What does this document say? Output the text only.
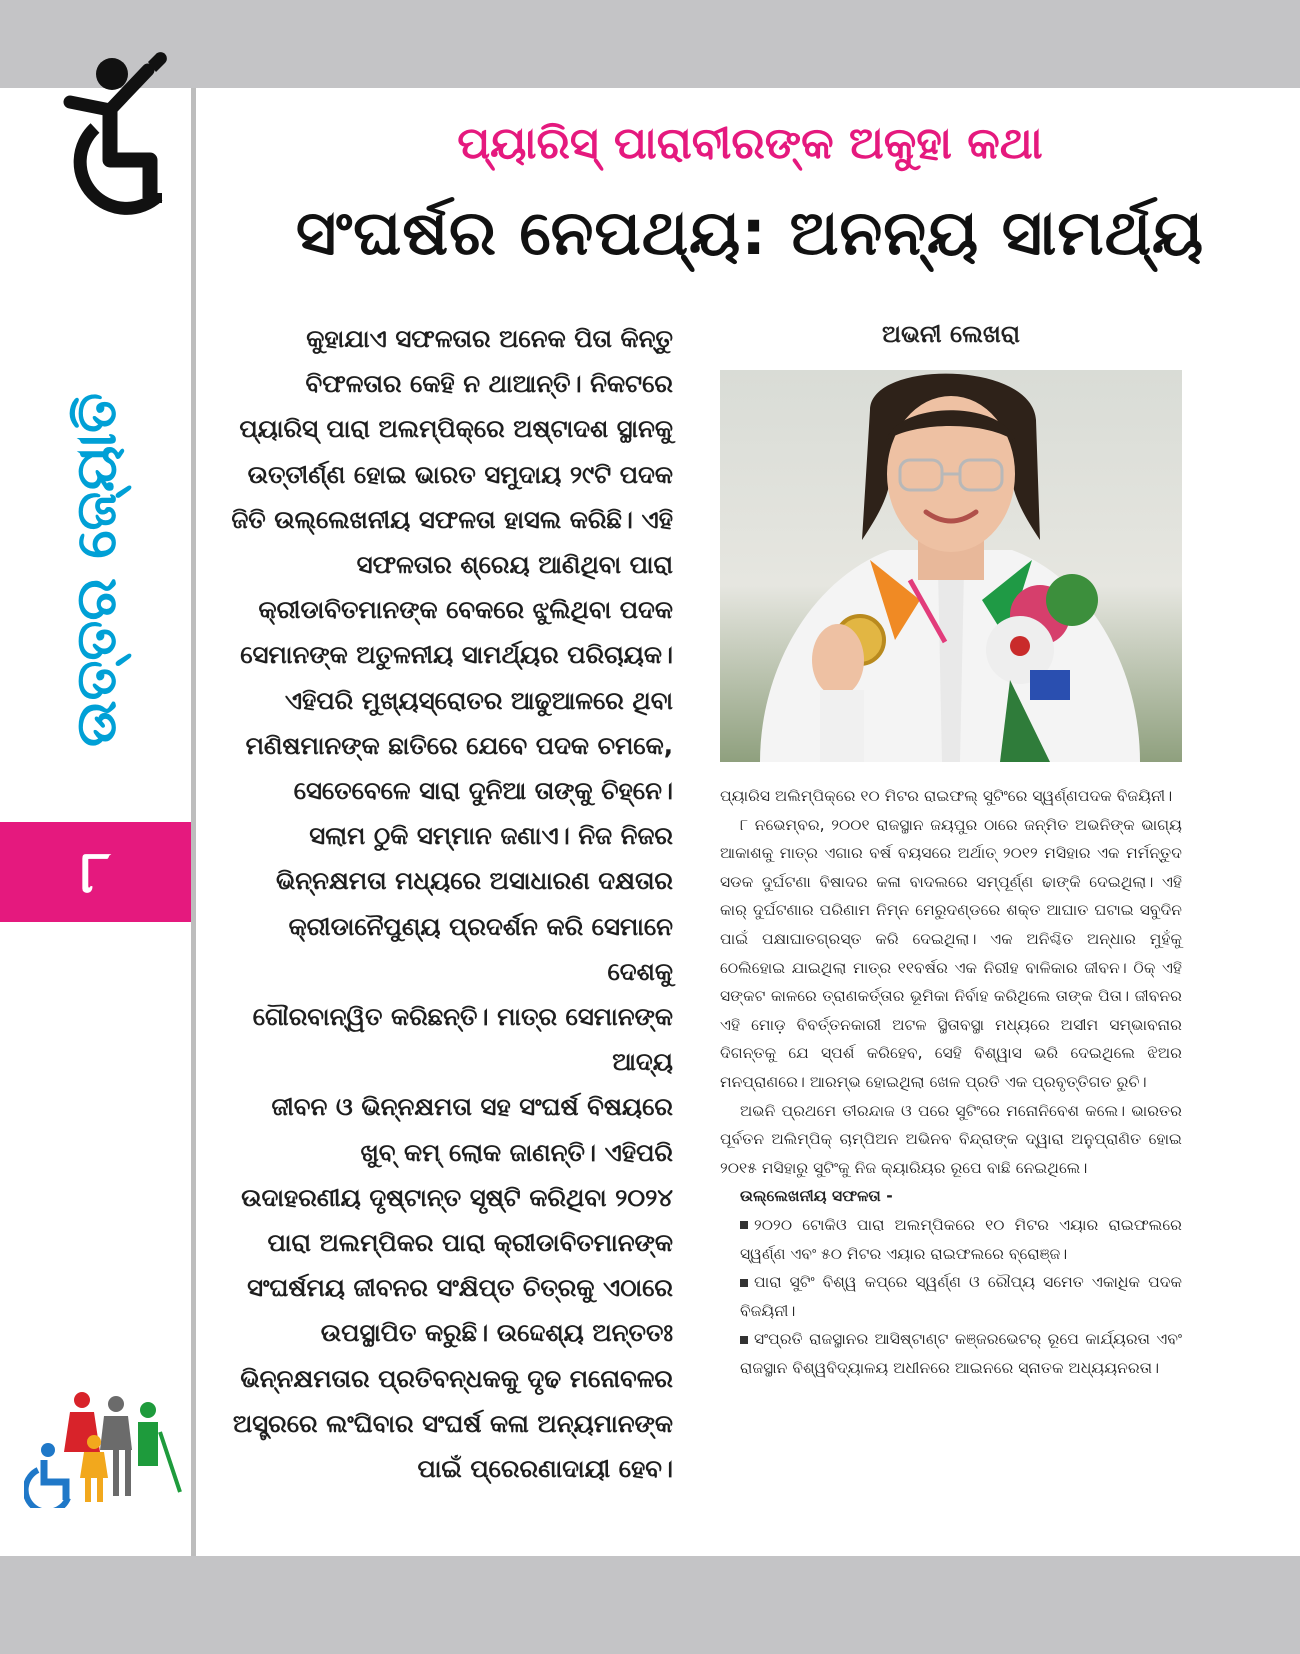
ଉତ୍ତର ଜ୍ୟୋତି
୮
ପ୍ୟାରିସ୍ ପାରାବୀରଙ୍କ ଅକୁହା କଥା
ସଂଘର୍ଷର ନେପଥ୍ୟ: ଅନନ୍ୟ ସାମର୍ଥ୍ୟ

କୁହାଯାଏ ସଫଳତାର ଅନେକ ପିତା କିନ୍ତୁ

ବିଫଳତାର କେହି ନ ଥାଆନ୍ତି। ନିକଟରେ

ପ୍ୟାରିସ୍ ପାରା ଅଲମ୍ପିକ୍‌ରେ ଅଷ୍ଟାଦଶ ସ୍ଥାନକୁ

ଉତ୍ତୀର୍ଣ୍ଣ ହୋଇ ଭାରତ ସମୁଦାୟ ୨୯ଟି ପଦକ

ଜିତି ଉଲ୍ଲେଖନୀୟ ସଫଳତା ହାସଲ କରିଛି। ଏହି

ସଫଳତାର ଶ୍ରେୟ ଆଣିଥିବା ପାରା

କ୍ରୀଡାବିତମାନଙ୍କ ବେକରେ ଝୁଲିଥିବା ପଦକ

ସେମାନଙ୍କ ଅତୁଳନୀୟ ସାମର୍ଥ୍ୟର ପରିଚାୟକ।

ଏହିପରି ମୁଖ୍ୟସ୍ରୋତର ଆଢୁଆଳରେ ଥିବା

ମଣିଷମାନଙ୍କ ଛାତିରେ ଯେବେ ପଦକ ଚମକେ,

ସେତେବେଳେ ସାରା ଦୁନିଆ ତାଙ୍କୁ ଚିହ୍ନେ।

ସଲାମ ଠୁକି ସମ୍ମାନ ଜଣାଏ। ନିଜ ନିଜର

ଭିନ୍ନକ୍ଷମତା ମଧ୍ୟରେ ଅସାଧାରଣ ଦକ୍ଷତାର

କ୍ରୀଡାନୈପୁଣ୍ୟ ପ୍ରଦର୍ଶନ କରି ସେମାନେ ଦେଶକୁ

ଗୌରବାନ୍ୱିତ କରିଛନ୍ତି। ମାତ୍ର ସେମାନଙ୍କ ଆଦ୍ୟ

ଜୀବନ ଓ ଭିନ୍ନକ୍ଷମତା ସହ ସଂଘର୍ଷ ବିଷୟରେ

ଖୁବ୍ କମ୍ ଲୋକ ଜାଣନ୍ତି। ଏହିପରି

ଉଦାହରଣୀୟ ଦୃଷ୍ଟାନ୍ତ ସୃଷ୍ଟି କରିଥିବା ୨୦୨୪

ପାରା ଅଲମ୍ପିକର ପାରା କ୍ରୀଡାବିତମାନଙ୍କ

ସଂଘର୍ଷମୟ ଜୀବନର ସଂକ୍ଷିପ୍ତ ଚିତ୍ରକୁ ଏଠାରେ

ଉପସ୍ଥାପିତ କରୁଛି। ଉଦ୍ଦେଶ୍ୟ ଅନ୍ତତଃ

ଭିନ୍ନକ୍ଷମତାର ପ୍ରତିବନ୍ଧକକୁ ଦୃଢ ମନୋବଳର

ଅସ୍ତ୍ରରେ ଲଂଘିବାର ସଂଘର୍ଷ କଳା ଅନ୍ୟମାନଙ୍କ

ପାଇଁ ପ୍ରେରଣାଦାୟୀ ହେବ।

ଅଭନୀ ଲେଖରା

ପ୍ୟାରିସ ଅଲିମ୍ପିକ୍‌ରେ ୧୦ ମିଟର ରାଇଫଲ୍ ସୁଟିଂରେ ସ୍ୱର୍ଣ୍ଣପଦକ ବିଜୟିନୀ।

୮ ନଭେମ୍ବର, ୨୦୦୧ ରାଜସ୍ଥାନ ଜୟପୁର ଠାରେ ଜନ୍ମିତ ଅଭନିଙ୍କ ଭାଗ୍ୟ ଆକାଶକୁ ମାତ୍ର ଏଗାର ବର୍ଷ ବୟସରେ ଅର୍ଥାତ୍ ୨୦୧୨ ମସିହାର ଏକ ମର୍ମନ୍ତୁଦ ସଡକ ଦୁର୍ଘଟଣା ବିଷାଦର କଳା ବାଦଲରେ ସମ୍ପୂର୍ଣ୍ଣ ଢାଙ୍କି ଦେଇଥିଲା। ଏହି କାର୍ ଦୁର୍ଘଟଣାର ପରିଣାମ ନିମ୍ନ ମେରୁଦଣ୍ଡରେ ଶକ୍ତ ଆଘାତ ଘଟାଇ ସବୁଦିନ ପାଇଁ ପକ୍ଷାଘାତଗ୍ରସ୍ତ କରି ଦେଇଥିଲା। ଏକ ଅନିଶ୍ଚିତ ଅନ୍ଧାର ମୁହଁକୁ ଠେଲିହୋଇ ଯାଇଥିଲା ମାତ୍ର ୧୧ବର୍ଷର ଏକ ନିରୀହ ବାଳିକାର ଜୀବନ। ଠିକ୍ ଏହି ସଙ୍କଟ କାଳରେ ତ୍ରାଣକର୍ତ୍ତାର ଭୂମିକା ନିର୍ବାହ କରିଥିଲେ ତାଙ୍କ ପିତା। ଜୀବନର ଏହି ମୋଡ଼ ବିବର୍ତ୍ତନକାରୀ ଅଟଳ ସ୍ଥିତାବସ୍ଥା ମଧ୍ୟରେ ଅସୀମ ସମ୍ଭାବନାର ଦିଗନ୍ତକୁ ଯେ ସ୍ପର୍ଶ କରିହେବ, ସେହି ବିଶ୍ୱାସ ଭରି ଦେଇଥିଲେ ଝିଅର ମନପ୍ରାଣରେ। ଆରମ୍ଭ ହୋଇଥିଲା ଖେଳ ପ୍ରତି ଏକ ପ୍ରବୃତ୍ତିଗତ ରୁଚି।

ଅଭନି ପ୍ରଥମେ ତୀରନ୍ଦାଜ ଓ ପରେ ସୁଟିଂରେ ମନୋନିବେଶ କଲେ। ଭାରତର ପୂର୍ବତନ ଅଲିମ୍ପିକ୍ ଚାମ୍ପିଅନ ଅଭିନବ ବିନ୍ଦ୍ରାଙ୍କ ଦ୍ୱାରା ଅନୁପ୍ରାଣିତ ହୋଇ ୨୦୧୫ ମସିହାରୁ ସୁଟିଂକୁ ନିଜ କ୍ୟାରିୟର ରୂପେ ବାଛି ନେଇଥିଲେ।

ଉଲ୍ଲେଖନୀୟ ସଫଳତା -

୨୦୨୦ ଟୋକିଓ ପାରା ଅଲମ୍ପିକରେ ୧୦ ମିଟର ଏୟାର ରାଇଫଲରେ ସ୍ୱର୍ଣ୍ଣ ଏବଂ ୫୦ ମିଟର ଏୟାର ରାଇଫଲରେ ବ୍ରୋଞ୍ଜ।

ପାରା ସୁଟିଂ ବିଶ୍ୱ କପ୍‌ରେ ସ୍ୱର୍ଣ୍ଣ ଓ ରୌପ୍ୟ ସମେତ ଏକାଧିକ ପଦକ ବିଜୟିନୀ।

ସଂପ୍ରତି ରାଜସ୍ଥାନର ଆସିଷ୍ଟାଣ୍ଟ କଞ୍ଜରଭେଟର୍ ରୂପେ କାର୍ଯ୍ୟରତା ଏବଂ ରାଜସ୍ଥାନ ବିଶ୍ୱବିଦ୍ୟାଳୟ ଅଧୀନରେ ଆଇନରେ ସ୍ନାତକ ଅଧ୍ୟୟନରତା।
